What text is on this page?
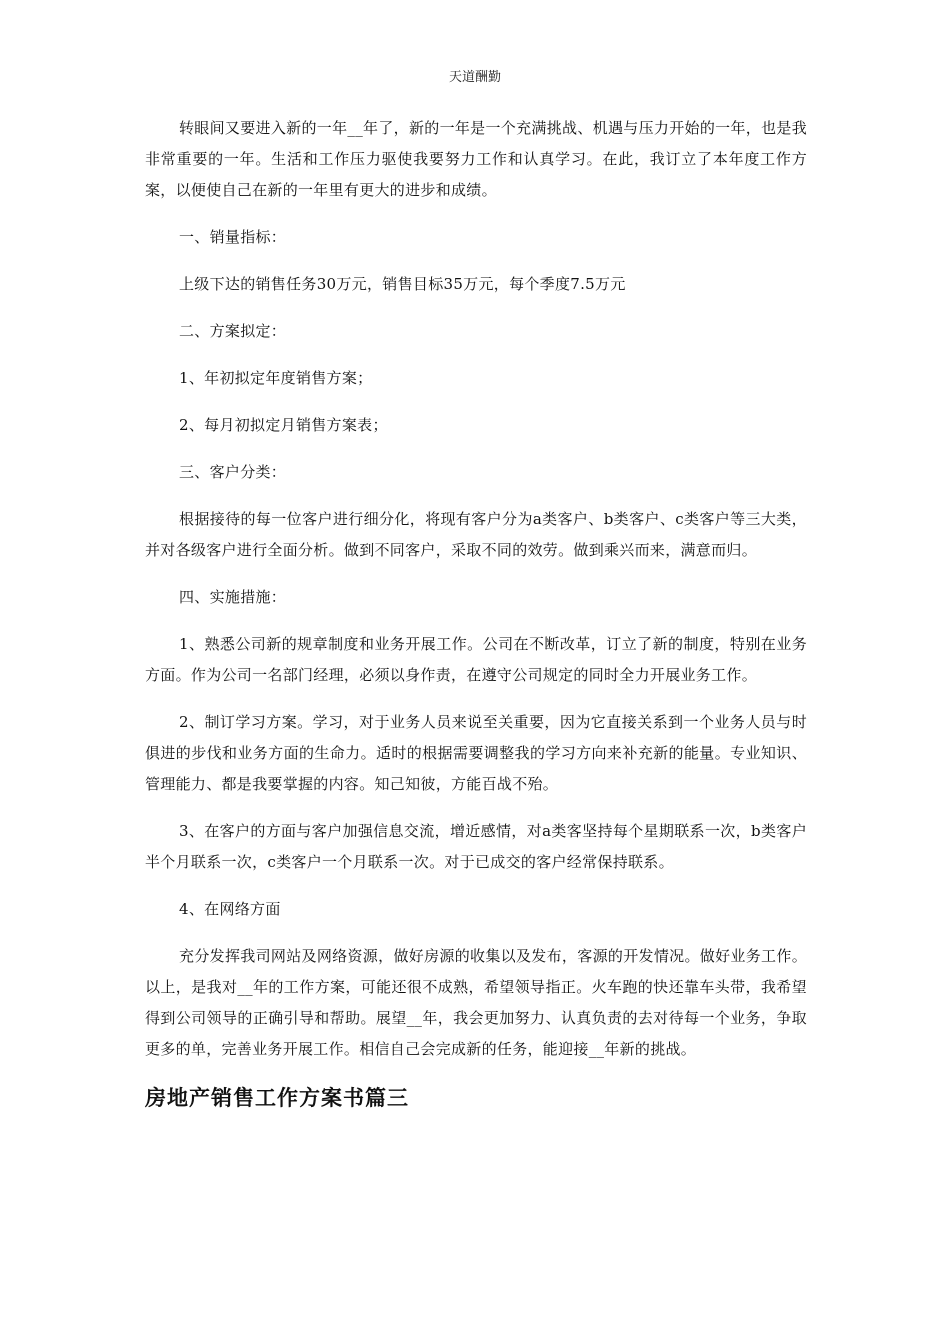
天道酬勤

转眼间又要进入新的一年__年了，新的一年是一个充满挑战、机遇与压力开始的一年，也是我非常重要的一年。生活和工作压力驱使我要努力工作和认真学习。在此，我订立了本年度工作方案，以便使自己在新的一年里有更大的进步和成绩。

一、销量指标：

上级下达的销售任务30万元，销售目标35万元，每个季度7.5万元

二、方案拟定：

1、年初拟定年度销售方案；

2、每月初拟定月销售方案表；

三、客户分类：

根据接待的每一位客户进行细分化，将现有客户分为a类客户、b类客户、c类客户等三大类，并对各级客户进行全面分析。做到不同客户，采取不同的效劳。做到乘兴而来，满意而归。

四、实施措施：

1、熟悉公司新的规章制度和业务开展工作。公司在不断改革，订立了新的制度，特别在业务方面。作为公司一名部门经理，必须以身作责，在遵守公司规定的同时全力开展业务工作。

2、制订学习方案。学习，对于业务人员来说至关重要，因为它直接关系到一个业务人员与时俱进的步伐和业务方面的生命力。适时的根据需要调整我的学习方向来补充新的能量。专业知识、管理能力、都是我要掌握的内容。知己知彼，方能百战不殆。

3、在客户的方面与客户加强信息交流，增近感情，对a类客坚持每个星期联系一次，b类客户半个月联系一次，c类客户一个月联系一次。对于已成交的客户经常保持联系。

4、在网络方面

充分发挥我司网站及网络资源，做好房源的收集以及发布，客源的开发情况。做好业务工作。以上，是我对__年的工作方案，可能还很不成熟，希望领导指正。火车跑的快还靠车头带，我希望得到公司领导的正确引导和帮助。展望__年，我会更加努力、认真负责的去对待每一个业务，争取更多的单，完善业务开展工作。相信自己会完成新的任务，能迎接__年新的挑战。

房地产销售工作方案书篇三
